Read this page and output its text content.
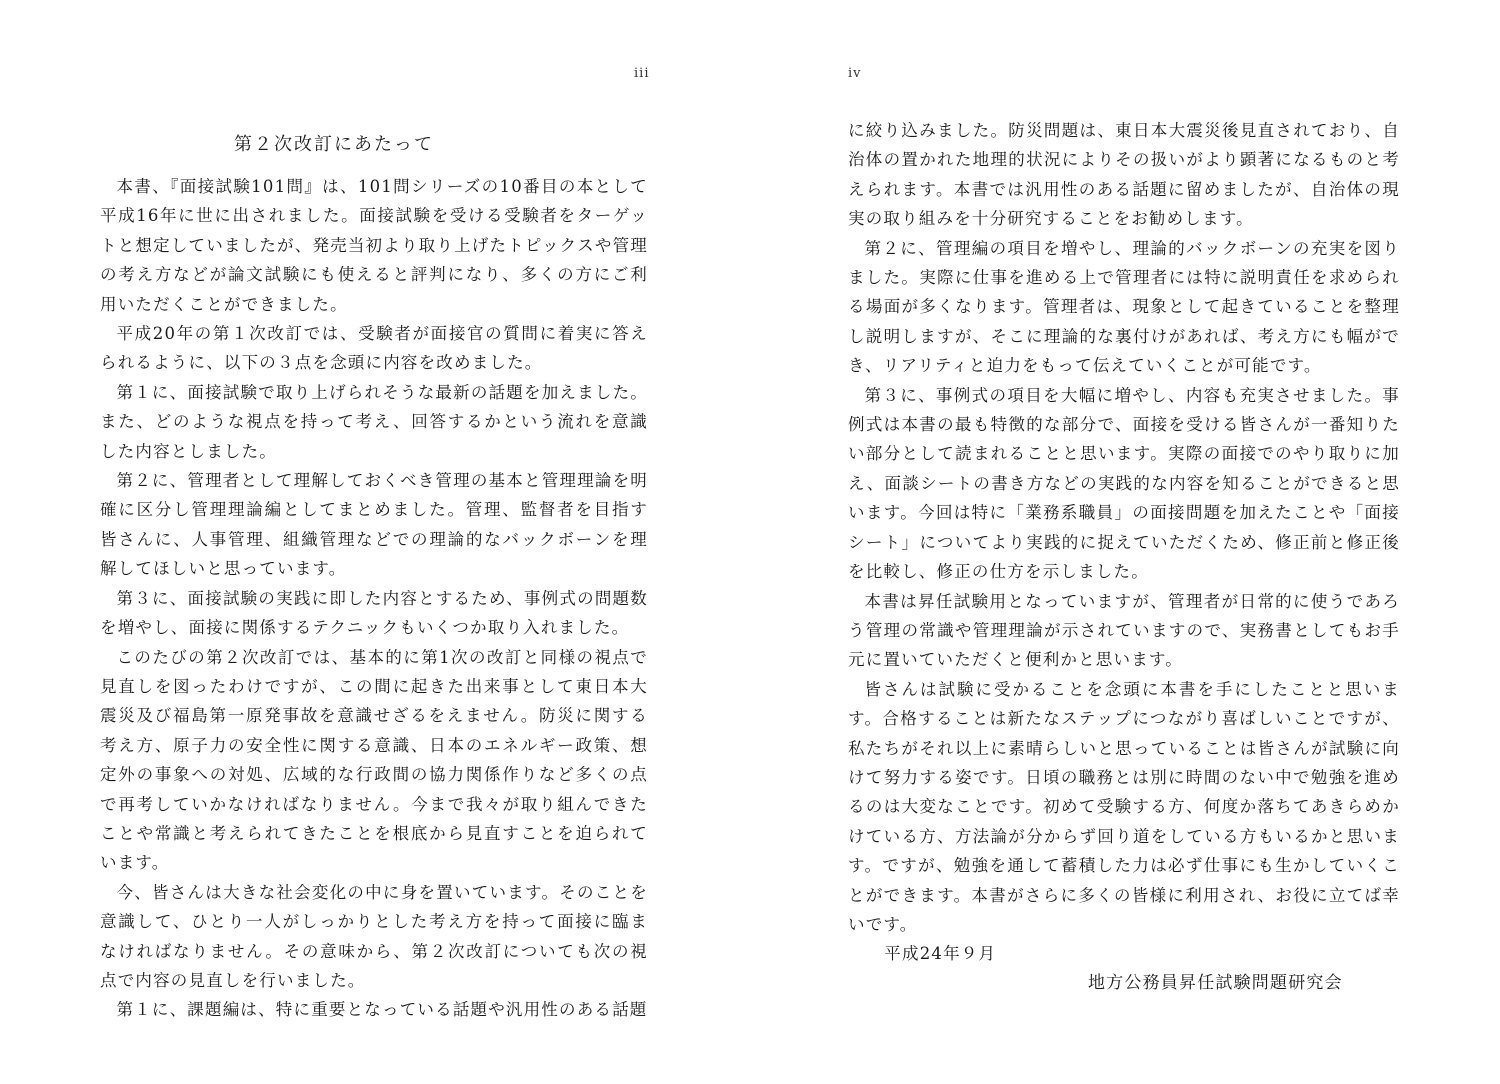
iii
第２次改訂にあたって

本書、『面接試験101問』は、101問シリーズの10番目の本として平成16年に世に出されました。面接試験を受ける受験者をターゲットと想定していましたが、発売当初より取り上げたトピックスや管理の考え方などが論文試験にも使えると評判になり、多くの方にご利用いただくことができました。

平成20年の第１次改訂では、受験者が面接官の質問に着実に答えられるように、以下の３点を念頭に内容を改めました。

第１に、面接試験で取り上げられそうな最新の話題を加えました。また、どのような視点を持って考え、回答するかという流れを意識した内容としました。

第２に、管理者として理解しておくべき管理の基本と管理理論を明確に区分し管理理論編としてまとめました。管理、監督者を目指す皆さんに、人事管理、組織管理などでの理論的なバックボーンを理解してほしいと思っています。

第３に、面接試験の実践に即した内容とするため、事例式の問題数を増やし、面接に関係するテクニックもいくつか取り入れました。

このたびの第２次改訂では、基本的に第1次の改訂と同様の視点で見直しを図ったわけですが、この間に起きた出来事として東日本大震災及び福島第一原発事故を意識せざるをえません。防災に関する考え方、原子力の安全性に関する意識、日本のエネルギー政策、想定外の事象への対処、広域的な行政間の協力関係作りなど多くの点で再考していかなければなりません。今まで我々が取り組んできたことや常識と考えられてきたことを根底から見直すことを迫られています。

今、皆さんは大きな社会変化の中に身を置いています。そのことを意識して、ひとり一人がしっかりとした考え方を持って面接に臨まなければなりません。その意味から、第２次改訂についても次の視点で内容の見直しを行いました。

第１に、課題編は、特に重要となっている話題や汎用性のある話題

iv

に絞り込みました。防災問題は、東日本大震災後見直されており、自治体の置かれた地理的状況によりその扱いがより顕著になるものと考えられます。本書では汎用性のある話題に留めましたが、自治体の現実の取り組みを十分研究することをお勧めします。

第２に、管理編の項目を増やし、理論的バックボーンの充実を図りました。実際に仕事を進める上で管理者には特に説明責任を求められる場面が多くなります。管理者は、現象として起きていることを整理し説明しますが、そこに理論的な裏付けがあれば、考え方にも幅ができ、リアリティと迫力をもって伝えていくことが可能です。

第３に、事例式の項目を大幅に増やし、内容も充実させました。事例式は本書の最も特徴的な部分で、面接を受ける皆さんが一番知りたい部分として読まれることと思います。実際の面接でのやり取りに加え、面談シートの書き方などの実践的な内容を知ることができると思います。今回は特に「業務系職員」の面接問題を加えたことや「面接シート」についてより実践的に捉えていただくため、修正前と修正後を比較し、修正の仕方を示しました。

本書は昇任試験用となっていますが、管理者が日常的に使うであろう管理の常識や管理理論が示されていますので、実務書としてもお手元に置いていただくと便利かと思います。

皆さんは試験に受かることを念頭に本書を手にしたことと思います。合格することは新たなステップにつながり喜ばしいことですが、私たちがそれ以上に素晴らしいと思っていることは皆さんが試験に向けて努力する姿です。日頃の職務とは別に時間のない中で勉強を進めるのは大変なことです。初めて受験する方、何度か落ちてあきらめかけている方、方法論が分からず回り道をしている方もいるかと思います。ですが、勉強を通して蓄積した力は必ず仕事にも生かしていくことができます。本書がさらに多くの皆様に利用され、お役に立てば幸いです。

平成24年９月

地方公務員昇任試験問題研究会
